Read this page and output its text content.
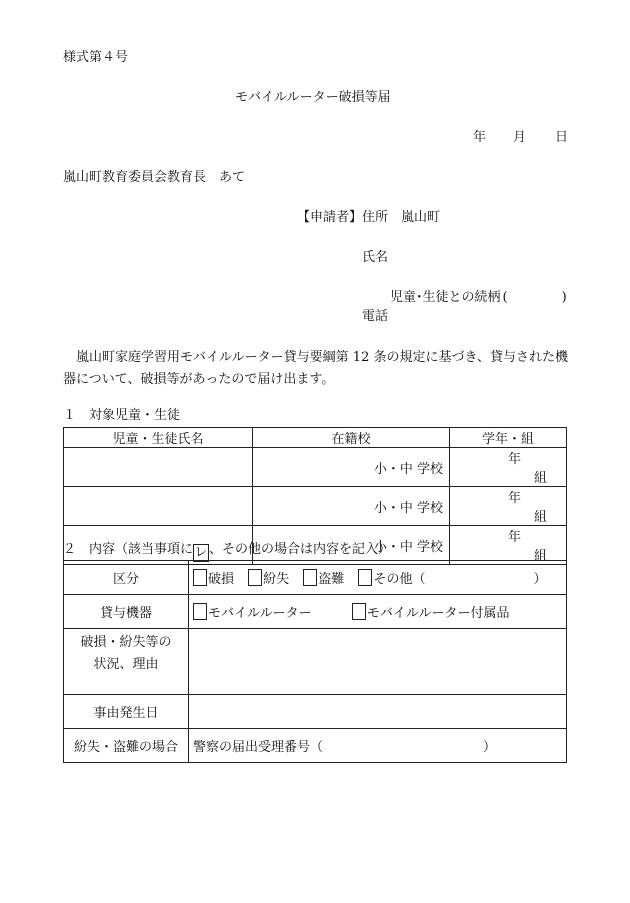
様式第４号
モバイルルーター破損等届
年 月 日
嵐山町教育委員会教育長　あて
【申請者】住所　 嵐山町
氏名
児童･生徒との続柄 (	)
電話
嵐山町家庭学習用モバイルルーター貸与要綱第 12 条の規定に基づき、貸与された機器について、破損等があったので届け出ます。
１　対象児童・生徒
児童・生徒氏名	在籍校	学年・組
	小・中 学校	年組
	小・中 学校	年組
	小・中 学校	年組
２　内容（該当事項にレ 、その他の場合は内容を記入）
区分	破損 紛失 盗難 その他（ ）
貸与機器	モバイルルーター モバイルルーター付属品
破損・紛失等の
状況、理由	
事由発生日	
紛失・盗難の場合	警察の届出受理番号（ ）
